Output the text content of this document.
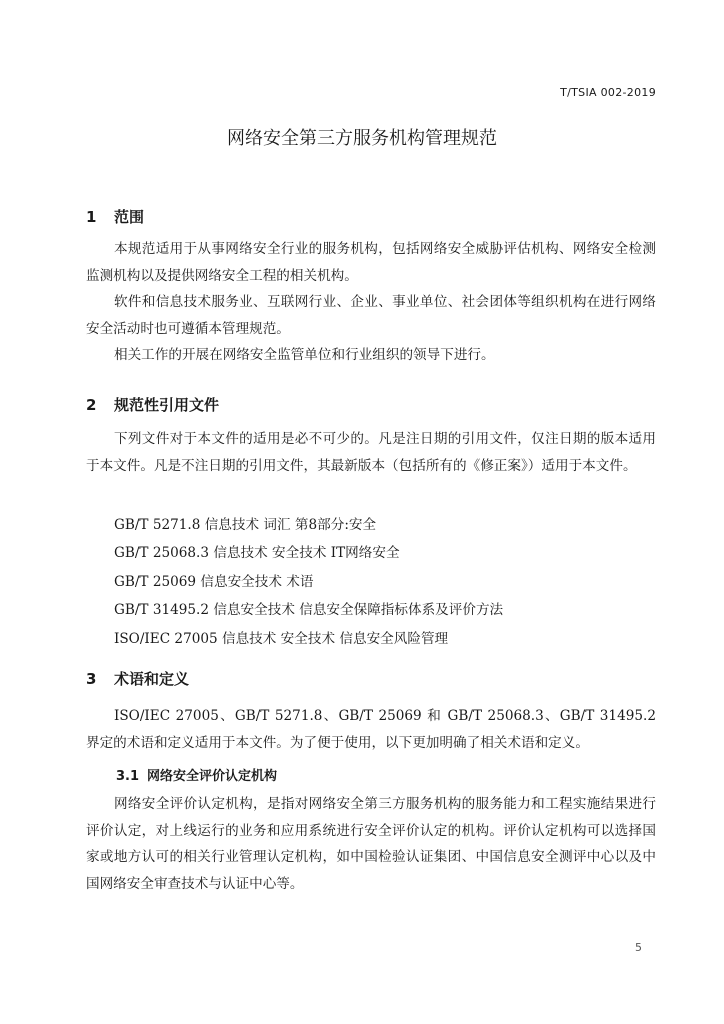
T/TSIA 002-2019
网络安全第三方服务机构管理规范
1 范围
本规范适用于从事网络安全行业的服务机构，包括网络安全威胁评估机构、网络安全检测监测机构以及提供网络安全工程的相关机构。
软件和信息技术服务业、互联网行业、企业、事业单位、社会团体等组织机构在进行网络安全活动时也可遵循本管理规范。
相关工作的开展在网络安全监管单位和行业组织的领导下进行。
2 规范性引用文件
下列文件对于本文件的适用是必不可少的。凡是注日期的引用文件，仅注日期的版本适用于本文件。凡是不注日期的引用文件，其最新版本（包括所有的《修正案》）适用于本文件。
GB/T 5271.8 信息技术 词汇 第8部分:安全
GB/T 25068.3 信息技术 安全技术 IT网络安全
GB/T 25069 信息安全技术 术语
GB/T 31495.2 信息安全技术 信息安全保障指标体系及评价方法
ISO/IEC 27005 信息技术 安全技术 信息安全风险管理
3 术语和定义
ISO/IEC 27005、GB/T 5271.8、GB/T 25069 和 GB/T 25068.3、GB/T 31495.2 界定的术语和定义适用于本文件。为了便于使用，以下更加明确了相关术语和定义。
3.1 网络安全评价认定机构
网络安全评价认定机构，是指对网络安全第三方服务机构的服务能力和工程实施结果进行评价认定，对上线运行的业务和应用系统进行安全评价认定的机构。评价认定机构可以选择国家或地方认可的相关行业管理认定机构，如中国检验认证集团、中国信息安全测评中心以及中国网络安全审查技术与认证中心等。
5
